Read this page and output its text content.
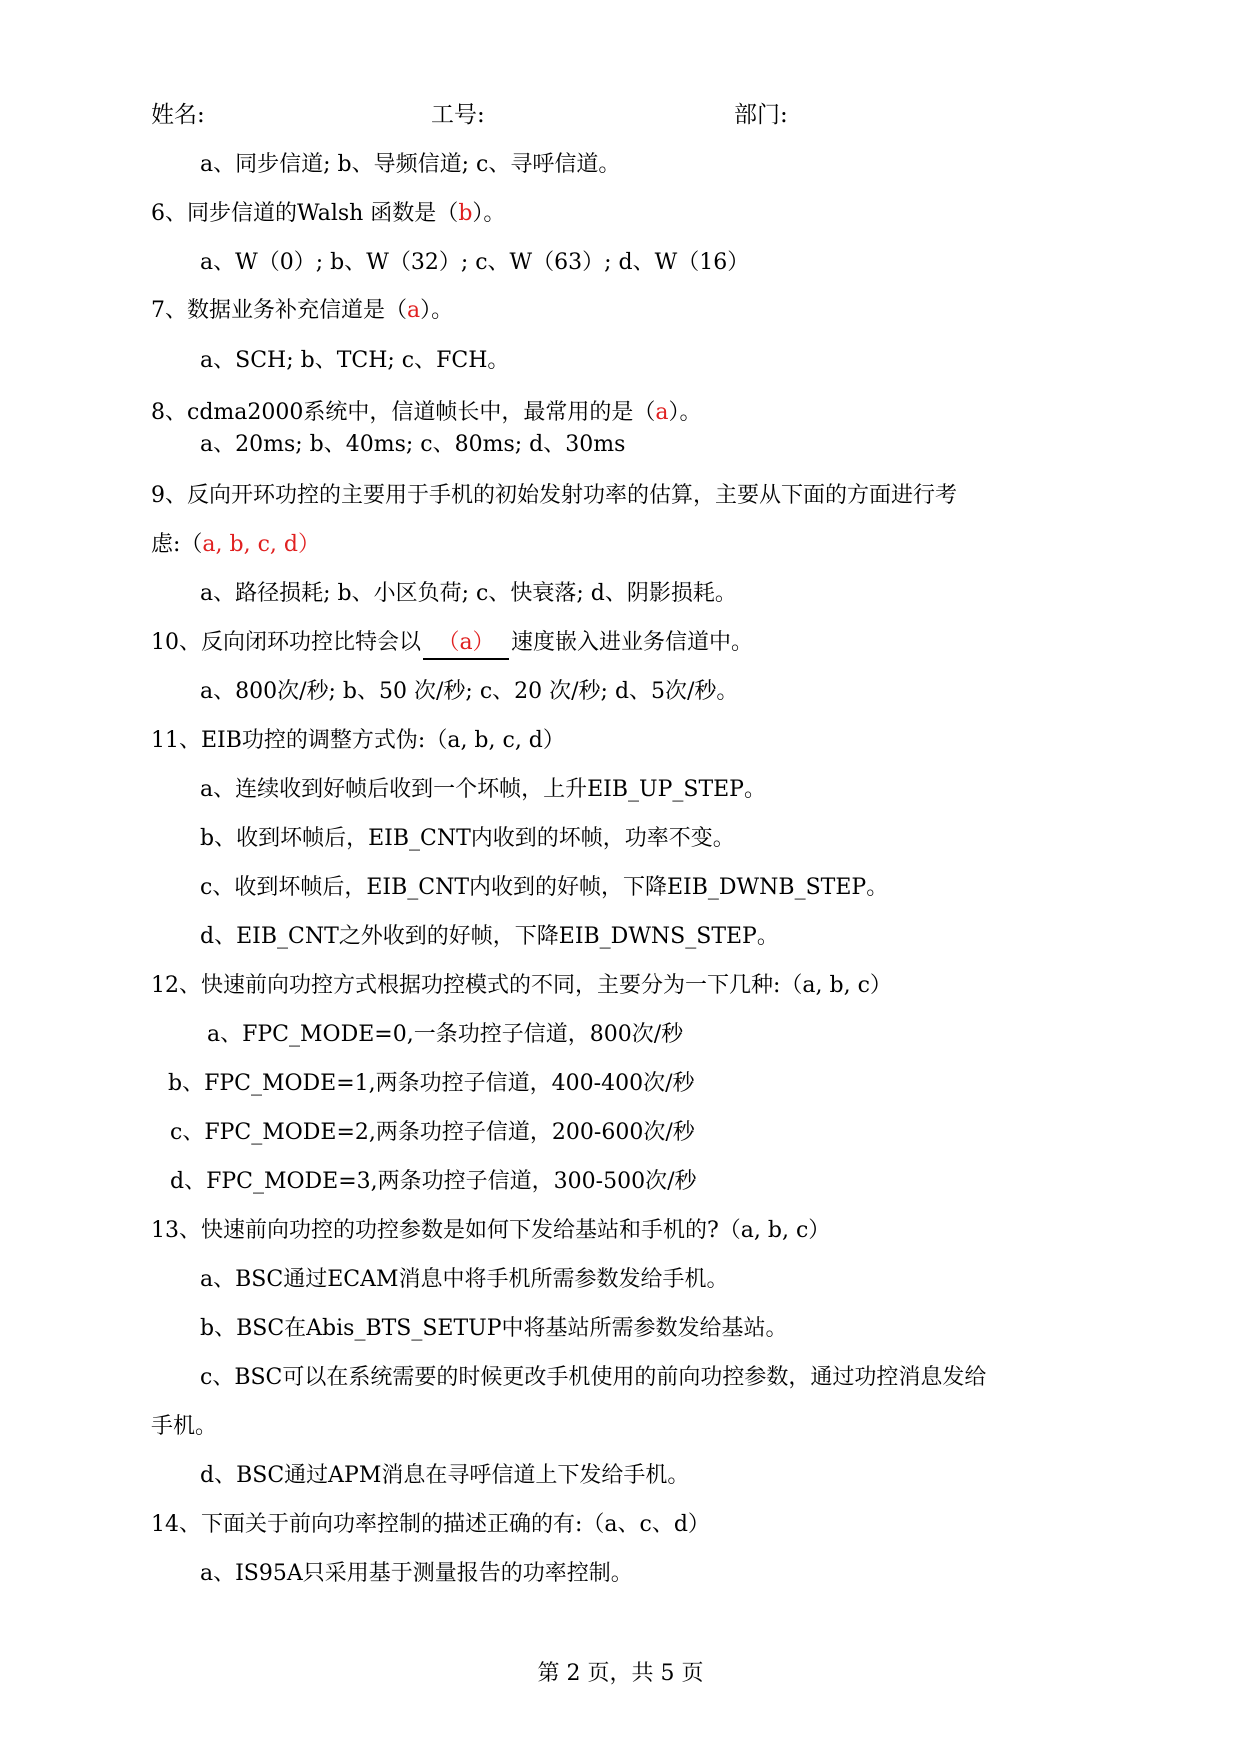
姓名:	工号:	部门:
a、同步信道; b、导频信道; c、寻呼信道。
6、同步信道的Walsh 函数是（b）。
a、W（0）; b、W（32）; c、W（63）; d、W（16）
7、数据业务补充信道是（a）。
a、SCH; b、TCH; c、FCH。
8、cdma2000系统中，信道帧长中，最常用的是（a）。
a、20ms; b、40ms; c、80ms; d、30ms
9、反向开环功控的主要用于手机的初始发射功率的估算，主要从下面的方面进行考
虑:（a, b, c, d）
a、路径损耗; b、小区负荷; c、快衰落; d、阴影损耗。
10、反向闭环功控比特会以 （a） 速度嵌入进业务信道中。
a、800次/秒; b、50 次/秒; c、20 次/秒; d、5次/秒。
11、EIB功控的调整方式伪:（a, b, c, d）
a、连续收到好帧后收到一个坏帧，上升EIB_UP_STEP。
b、收到坏帧后，EIB_CNT内收到的坏帧，功率不变。
c、收到坏帧后，EIB_CNT内收到的好帧，下降EIB_DWNB_STEP。
d、EIB_CNT之外收到的好帧，下降EIB_DWNS_STEP。
12、快速前向功控方式根据功控模式的不同，主要分为一下几种:（a, b, c）
a、FPC_MODE=0,一条功控子信道，800次/秒
b、FPC_MODE=1,两条功控子信道，400-400次/秒
c、FPC_MODE=2,两条功控子信道，200-600次/秒
d、FPC_MODE=3,两条功控子信道，300-500次/秒
13、快速前向功控的功控参数是如何下发给基站和手机的?（a, b, c）
a、BSC通过ECAM消息中将手机所需参数发给手机。
b、BSC在Abis_BTS_SETUP中将基站所需参数发给基站。
c、BSC可以在系统需要的时候更改手机使用的前向功控参数，通过功控消息发给
手机。
d、BSC通过APM消息在寻呼信道上下发给手机。
14、下面关于前向功率控制的描述正确的有:（a、c、d）
a、IS95A只采用基于测量报告的功率控制。
第 2 页，共 5 页
